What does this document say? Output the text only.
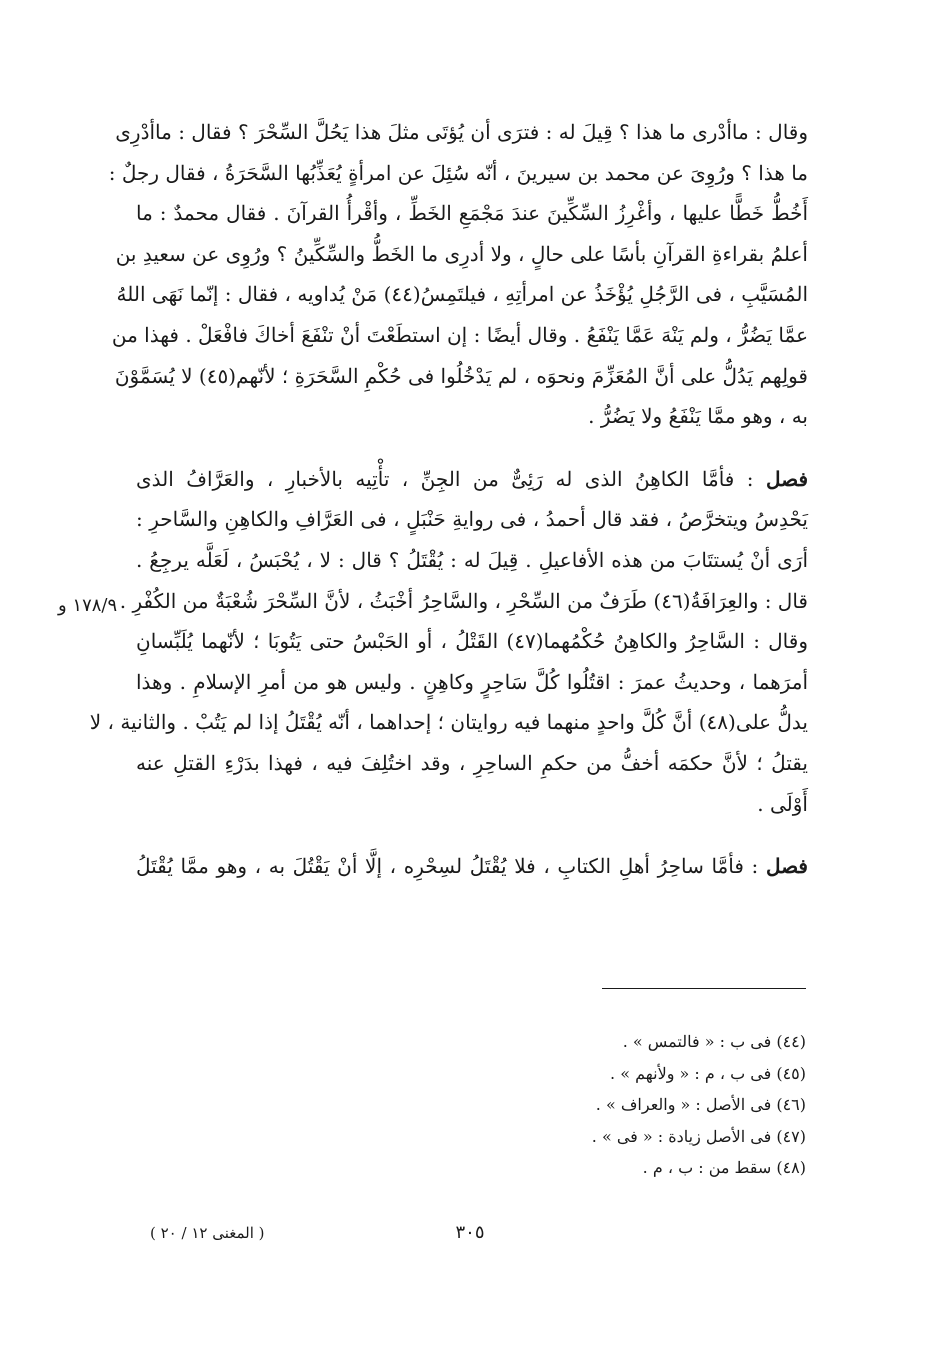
وقال : ماأدْرى ما هذا ؟ قِيلَ له : فترَى أن يُؤتَى مثلَ هذا يَحُلَّ السِّحْرَ ؟ فقال : ماأدْرِى
ما هذا ؟ ورُوِىَ عن محمد بن سيرينَ ، أنّه سُئِلَ عن امرأةٍ يُعَذِّبُها السَّحَرَةُ ، فقال رجلٌ :
أَخُطُّ خَطًّا عليها ، وأغْرِزُ السِّكِّينَ عندَ مَجْمَعِ الخَطِّ ، وأقْرأُ القرآنَ . فقال محمدٌ : ما
أعلمُ بقراءةِ القرآنِ بأسًا على حالٍ ، ولا أدرِى ما الخَطُّ والسِّكِّينُ ؟ ورُوِى عن سعيدِ بن
المُسَيَّبِ ، فى الرَّجُلِ يُؤْخَذُ عن امرأتِهِ ، فيلتَمِسُ(٤٤) مَنْ يُداويه ، فقال : إنّما نَهَى اللهُ
عمَّا يَضُرُّ ، ولم يَنْهَ عَمَّا يَنْفَعُ . وقال أيضًا : إن استطَعْتَ أنْ تنْفَعَ أخاكَ فافْعَلْ . فهذا من
قولِهم يَدُلُّ على أنَّ المُعَزِّمَ ونحوَه ، لم يَدْخُلُوا فى حُكْمِ السَّحَرَةِ ؛ لأنّهم(٤٥) لا يُسَمَّوْنَ
به ، وهو ممَّا يَنْفَعُ ولا يَضُرُّ .
فصل : فأمَّا الكاهِنُ الذى له رَئِىٌّ من الجِنِّ ، تأْتِيه بالأخبارِ ، والعَرَّافُ الذى
يَحْدِسُ ويتخرَّصُ ، فقد قال أحمدُ ، فى روايةِ حَنْبَلٍ ، فى العَرَّافِ والكاهِنِ والسَّاحرِ :
أرَى أنْ يُستتَابَ من هذه الأفاعيلِ . قِيلَ له : يُقْتَلُ ؟ قال : لا ، يُحْبَسُ ، لَعَلَّه يرجِعُ .
قال : والعِرَافَةُ(٤٦) طَرَفٌ من السِّحْرِ ، والسَّاحِرُ أخْبَثُ ، لأنَّ السِّحْرَ شُعْبَةٌ من الكُفْرِ .
وقال : السَّاحِرُ والكاهِنُ حُكْمُهما(٤٧) القَتْلُ ، أو الحَبْسُ حتى يَتُوبَا ؛ لأنّهما يُلَبِّسانِ
أمرَهما ، وحديثُ عمرَ : اقتُلُوا كُلَّ سَاحِرٍ وكاهِنٍ . وليس هو من أمرِ الإسلامِ . وهذا
يدلُّ على(٤٨) أنَّ كُلَّ واحدٍ منهما فيه روايتان ؛ إحداهما ، أنّه يُقْتَلُ إذا لم يَتُبْ . والثانية ، لا
يقتلُ ؛ لأنَّ حكمَه أخفُّ من حكمِ الساحِرِ ، وقد اختُلِفَ فيه ، فهذا بدَرْءِ القتلِ عنه
أَوْلَى .
فصل : فأمَّا ساحِرُ أهلِ الكتابِ ، فلا يُقْتَلُ لسِحْرِه ، إلَّا أنْ يَقْتُلَ به ، وهو ممَّا يُقْتَلُ
١٧٨/٩ و
(٤٤) فى ب : « فالتمس » .
(٤٥) فى ب ، م : « ولأنهم » .
(٤٦) فى الأصل : « والعراف » .
(٤٧) فى الأصل زيادة : « فى » .
(٤٨) سقط من : ب ، م .
٣٠٥
( المغنى ١٢ / ٢٠ )
